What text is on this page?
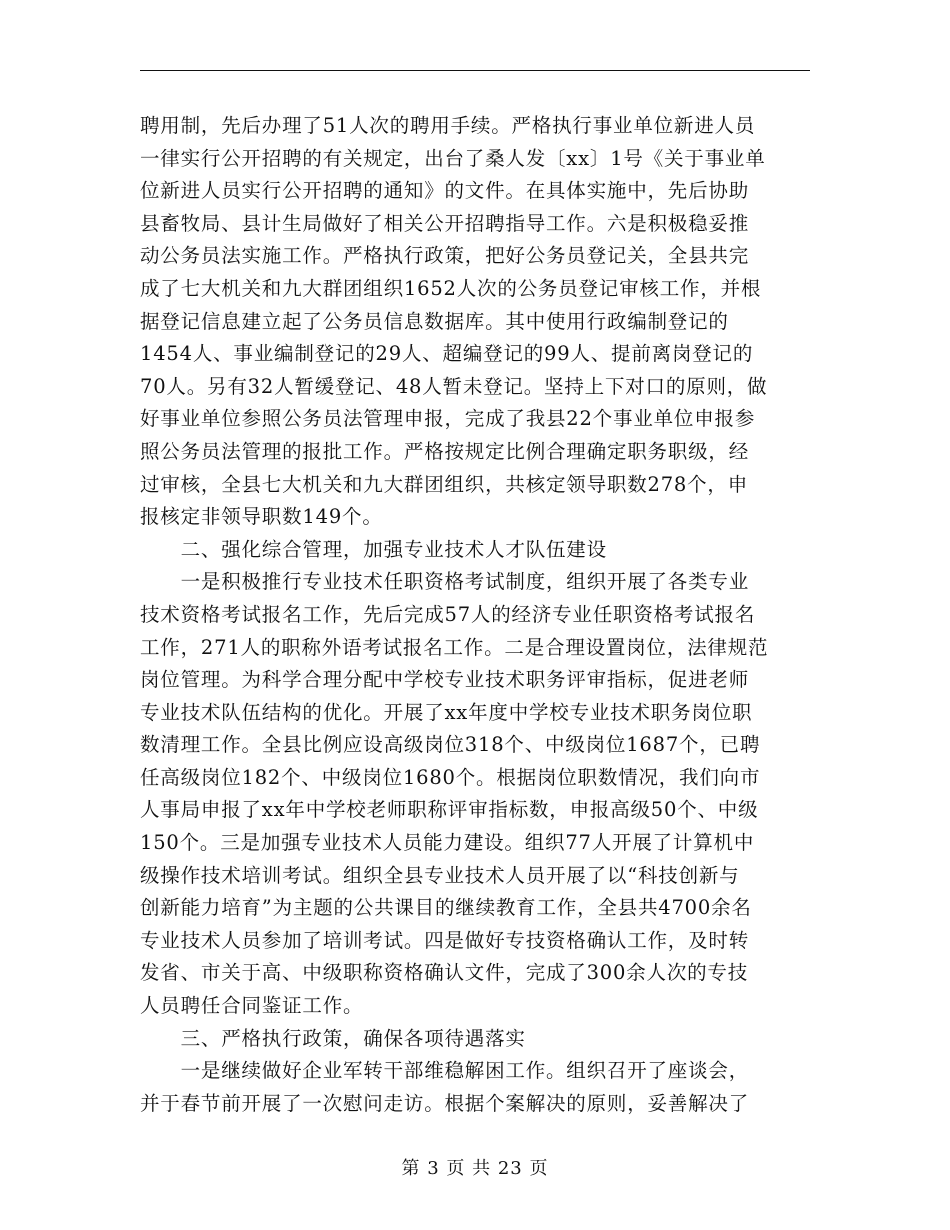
聘用制，先后办理了51人次的聘用手续。严格执行事业单位新进人员
一律实行公开招聘的有关规定，出台了桑人发〔xx〕1号《关于事业单
位新进人员实行公开招聘的通知》的文件。在具体实施中，先后协助
县畜牧局、县计生局做好了相关公开招聘指导工作。六是积极稳妥推
动公务员法实施工作。严格执行政策，把好公务员登记关，全县共完
成了七大机关和九大群团组织1652人次的公务员登记审核工作，并根
据登记信息建立起了公务员信息数据库。其中使用行政编制登记的
1454人、事业编制登记的29人、超编登记的99人、提前离岗登记的
70人。另有32人暂缓登记、48人暂未登记。坚持上下对口的原则，做
好事业单位参照公务员法管理申报，完成了我县22个事业单位申报参
照公务员法管理的报批工作。严格按规定比例合理确定职务职级，经
过审核，全县七大机关和九大群团组织，共核定领导职数278个，申
报核定非领导职数149个。
　　二、强化综合管理，加强专业技术人才队伍建设
　　一是积极推行专业技术任职资格考试制度，组织开展了各类专业
技术资格考试报名工作，先后完成57人的经济专业任职资格考试报名
工作，271人的职称外语考试报名工作。二是合理设置岗位，法律规范
岗位管理。为科学合理分配中学校专业技术职务评审指标，促进老师
专业技术队伍结构的优化。开展了xx年度中学校专业技术职务岗位职
数清理工作。全县比例应设高级岗位318个、中级岗位1687个，已聘
任高级岗位182个、中级岗位1680个。根据岗位职数情况，我们向市
人事局申报了xx年中学校老师职称评审指标数，申报高级50个、中级
150个。三是加强专业技术人员能力建设。组织77人开展了计算机中
级操作技术培训考试。组织全县专业技术人员开展了以“科技创新与
创新能力培育”为主题的公共课目的继续教育工作，全县共4700余名
专业技术人员参加了培训考试。四是做好专技资格确认工作，及时转
发省、市关于高、中级职称资格确认文件，完成了300余人次的专技
人员聘任合同鉴证工作。
　　三、严格执行政策，确保各项待遇落实
　　一是继续做好企业军转干部维稳解困工作。组织召开了座谈会，
并于春节前开展了一次慰问走访。根据个案解决的原则，妥善解决了
第 3 页 共 23 页
